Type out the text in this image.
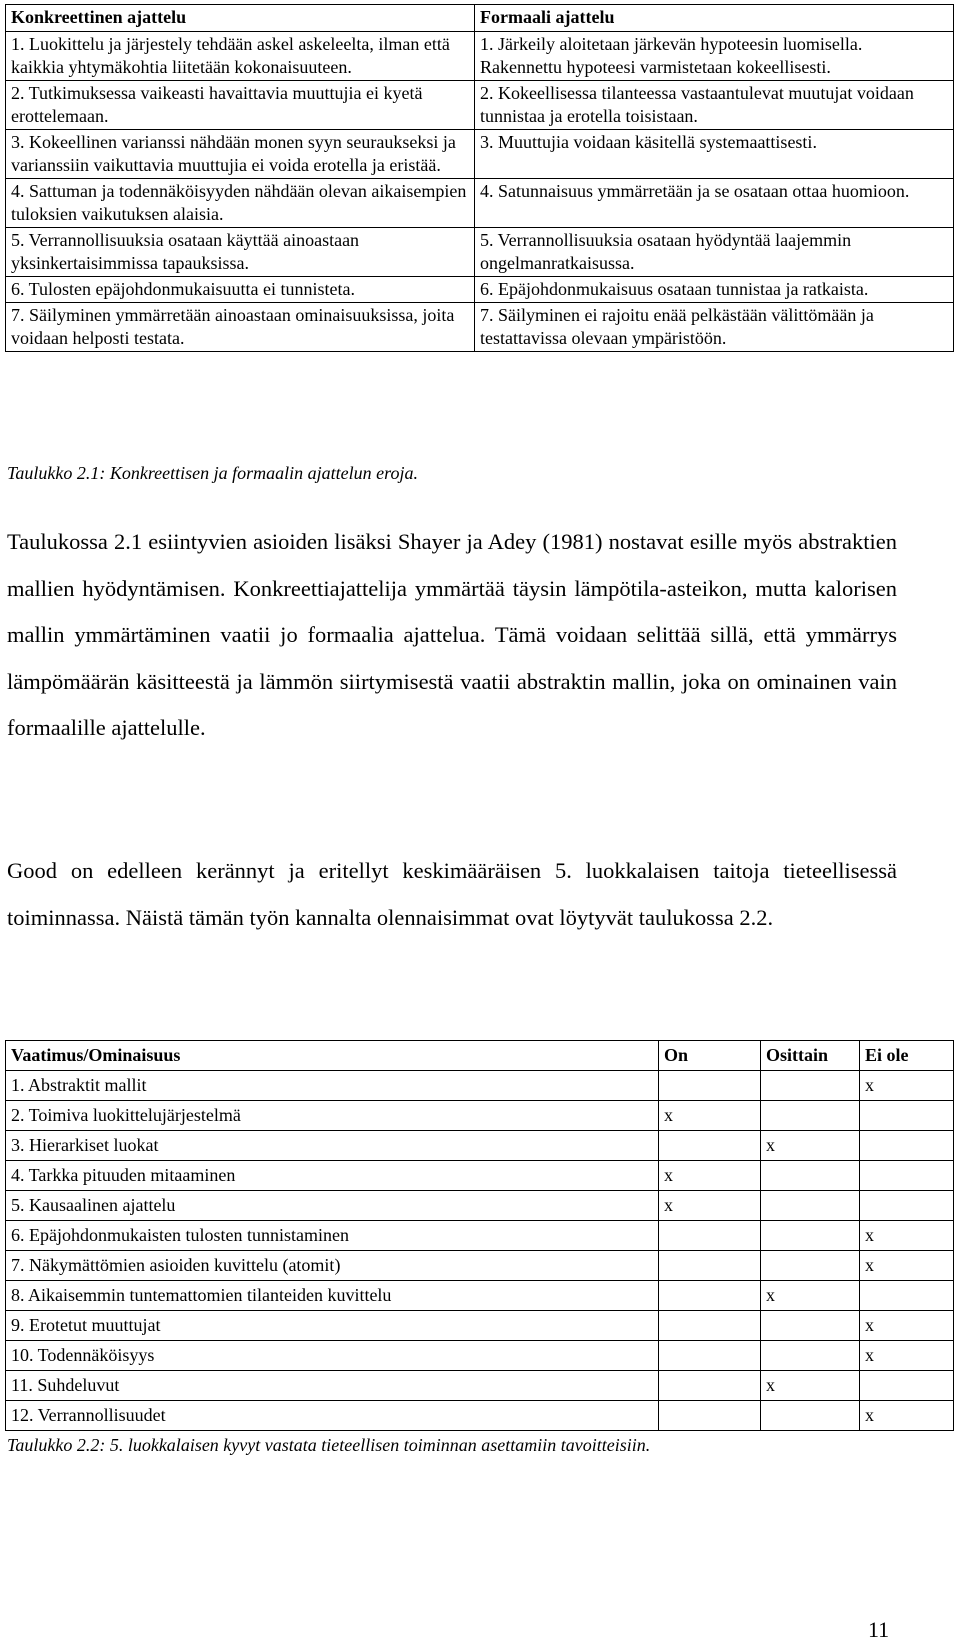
Konkreettinen ajattelu	Formaali ajattelu
1. Luokittelu ja järjestely tehdään askel askeleelta, ilman että kaikkia yhtymäkohtia liitetään kokonaisuuteen.	1. Järkeily aloitetaan järkevän hypoteesin luomisella. Rakennettu hypoteesi varmistetaan kokeellisesti.
2. Tutkimuksessa vaikeasti havaittavia muuttujia ei kyetä erottelemaan.	2. Kokeellisessa tilanteessa vastaantulevat muutujat voidaan tunnistaa ja erotella toisistaan.
3. Kokeellinen varianssi nähdään monen syyn seuraukseksi ja varianssiin vaikuttavia muuttujia ei voida erotella ja eristää.	3. Muuttujia voidaan käsitellä systemaattisesti.
4. Sattuman ja todennäköisyyden nähdään olevan aikaisempien tuloksien vaikutuksen alaisia.	4. Satunnaisuus ymmärretään ja se osataan ottaa huomioon.
5. Verrannollisuuksia osataan käyttää ainoastaan yksinkertaisimmissa tapauksissa.	5. Verrannollisuuksia osataan hyödyntää laajemmin ongelmanratkaisussa.
6. Tulosten epäjohdonmukaisuutta ei tunnisteta.	6. Epäjohdonmukaisuus osataan tunnistaa ja ratkaista.
7. Säilyminen ymmärretään ainoastaan ominaisuuksissa, joita voidaan helposti testata.	7. Säilyminen ei rajoitu enää pelkästään välittömään ja testattavissa olevaan ympäristöön.
Taulukko 2.1: Konkreettisen ja formaalin ajattelun eroja.

Taulukossa 2.1 esiintyvien asioiden lisäksi Shayer ja Adey (1981) nostavat esille myös abstraktien mallien hyödyntämisen. Konkreettiajattelija ymmärtää täysin lämpötila-asteikon, mutta kalorisen mallin ymmärtäminen vaatii jo formaalia ajattelua. Tämä voidaan selittää sillä, että ymmärrys lämpömäärän käsitteestä ja lämmön siirtymisestä vaatii abstraktin mallin, joka on ominainen vain formaalille ajattelulle.

Good on edelleen kerännyt ja eritellyt keskimääräisen 5. luokkalaisen taitoja tieteellisessä toiminnassa. Näistä tämän työn kannalta olennaisimmat ovat löytyvät taulukossa 2.2.

Vaatimus/Ominaisuus	On	Osittain	Ei ole
1. Abstraktit mallit			x
2. Toimiva luokittelujärjestelmä	x		
3. Hierarkiset luokat		x	
4. Tarkka pituuden mitaaminen	x		
5. Kausaalinen ajattelu	x		
6. Epäjohdonmukaisten tulosten tunnistaminen			x
7. Näkymättömien asioiden kuvittelu (atomit)			x
8. Aikaisemmin tuntemattomien tilanteiden kuvittelu		x	
9. Erotetut muuttujat			x
10. Todennäköisyys			x
11. Suhdeluvut		x	
12. Verrannollisuudet			x
Taulukko 2.2: 5. luokkalaisen kyvyt vastata tieteellisen toiminnan asettamiin tavoitteisiin.
11
